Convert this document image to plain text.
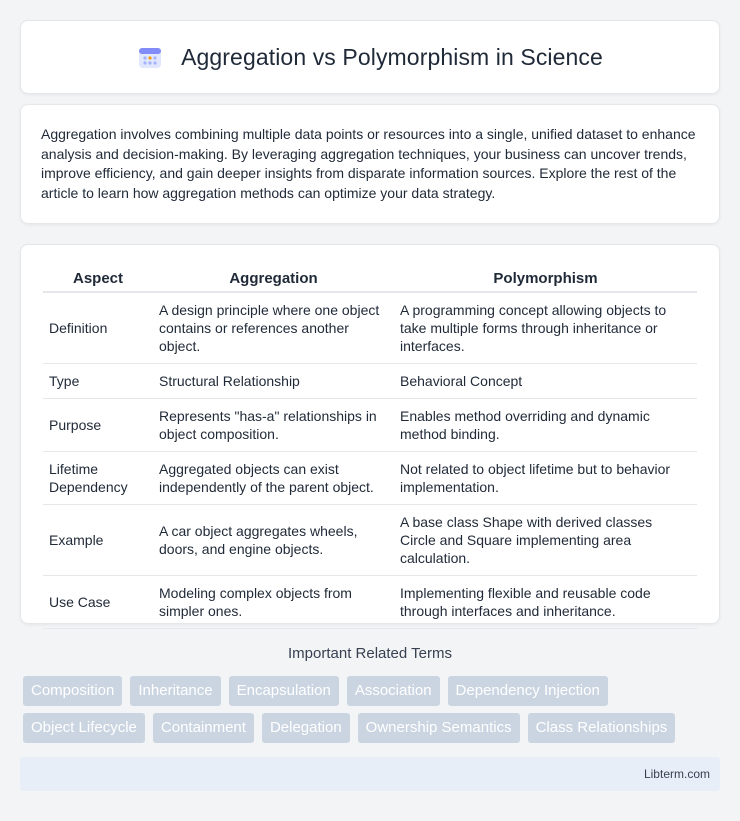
Aggregation vs Polymorphism in Science

Aggregation involves combining multiple data points or resources into a single, unified dataset to enhance analysis and decision-making. By leveraging aggregation techniques, your business can uncover trends, improve efficiency, and gain deeper insights from disparate information sources. Explore the rest of the article to learn how aggregation methods can optimize your data strategy.

Aspect	Aggregation	Polymorphism
Definition	A design principle where one object contains or references another object.	A programming concept allowing objects to take multiple forms through inheritance or interfaces.
Type	Structural Relationship	Behavioral Concept
Purpose	Represents "has-a" relationships in object composition.	Enables method overriding and dynamic method binding.
Lifetime Dependency	Aggregated objects can exist independently of the parent object.	Not related to object lifetime but to behavior implementation.
Example	A car object aggregates wheels, doors, and engine objects.	A base class Shape with derived classes Circle and Square implementing area calculation.
Use Case	Modeling complex objects from simpler ones.	Implementing flexible and reusable code through interfaces and inheritance.
Important Related Terms
Composition	Inheritance	Encapsulation	Association	Dependency Injection
Object Lifecycle	Containment	Delegation	Ownership Semantics	Class Relationships
Libterm.com
